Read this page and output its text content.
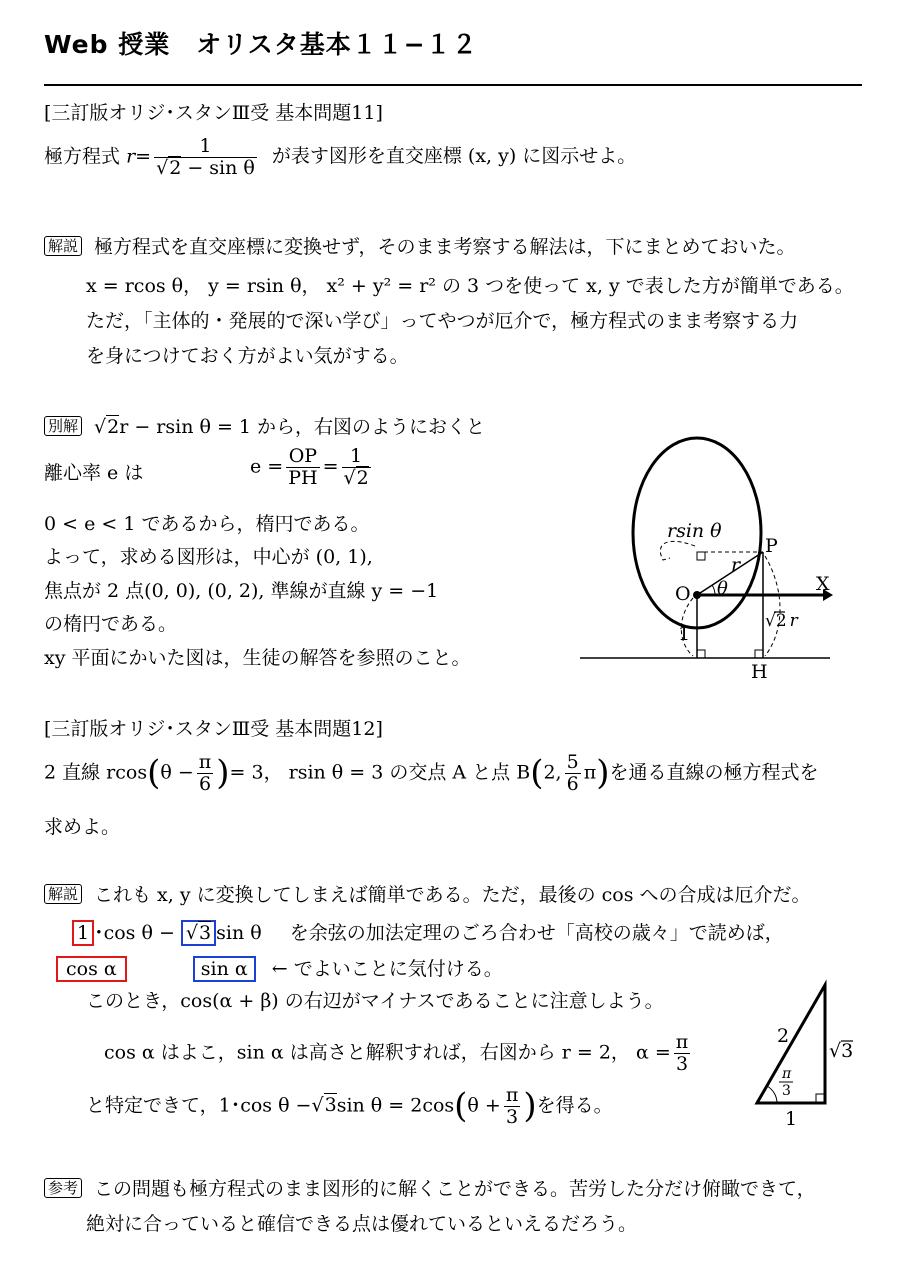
Web 授業　オリスタ基本１１−１２
[三訂版オリジ･スタンⅢ受 基本問題11]
極方程式 $r= \frac{1}{\text{√2 − sin θ}}$ が表す図形を直交座標 (x, y) に図示せよ。
解説 極方程式を直交座標に変換せず，そのまま考察する解法は，下にまとめておいた。
x = rcos θ， y = rsin θ， x² + y² = r² の 3 つを使って x, y で表した方が簡単である。
ただ，「主体的・発展的で深い学び」ってやつが厄介で，極方程式のまま考察する力
を身につけておく方がよい気がする。
別解 √2r − rsin θ = 1 から，右図のようにおくと
離心率 e は	$e = \frac{OP}{PH} = \frac{1}{√2}$
0 < e < 1 であるから，楕円である。
よって，求める図形は，中心が (0, 1),
焦点が 2 点(0, 0), (0, 2), 準線が直線 y = −1
の楕円である。
xy 平面にかいた図は，生徒の解答を参照のこと。
rsin θ
P
O	X
r
θ
1
√2 r
H
[三訂版オリジ･スタンⅢ受 基本問題12]
2 直線 $rcos(\theta - \frac{\pi}{6}$ )= 3， rsin θ = 3 の交点 A と点 B(2, $\frac{5}{6} \pi$)を通る直線の極方程式を
求めよ。
解説 これも x, y に変換してしまえば簡単である。ただ，最後の cos への合成は厄介だ。
1 ･cos θ − √3 sin θ を余弦の加法定理のごろ合わせ「高校の歳々」で読めば，
cos α	sin α ← でよいことに気付ける。
このとき，cos(α + β) の右辺がマイナスであることに注意しよう。
cos α はよこ，sin α は高さと解釈すれば，右図から r = 2， $\alpha = \frac{\pi}{3}$
と特定できて，1･cos θ −√3sin $\theta = 2\cos(\theta + \frac{\pi}{3}$ )を得る。
2
√3
1
π
3
参考 この問題も極方程式のまま図形的に解くことができる。苦労した分だけ俯瞰できて，
絶対に合っていると確信できる点は優れているといえるだろう。
